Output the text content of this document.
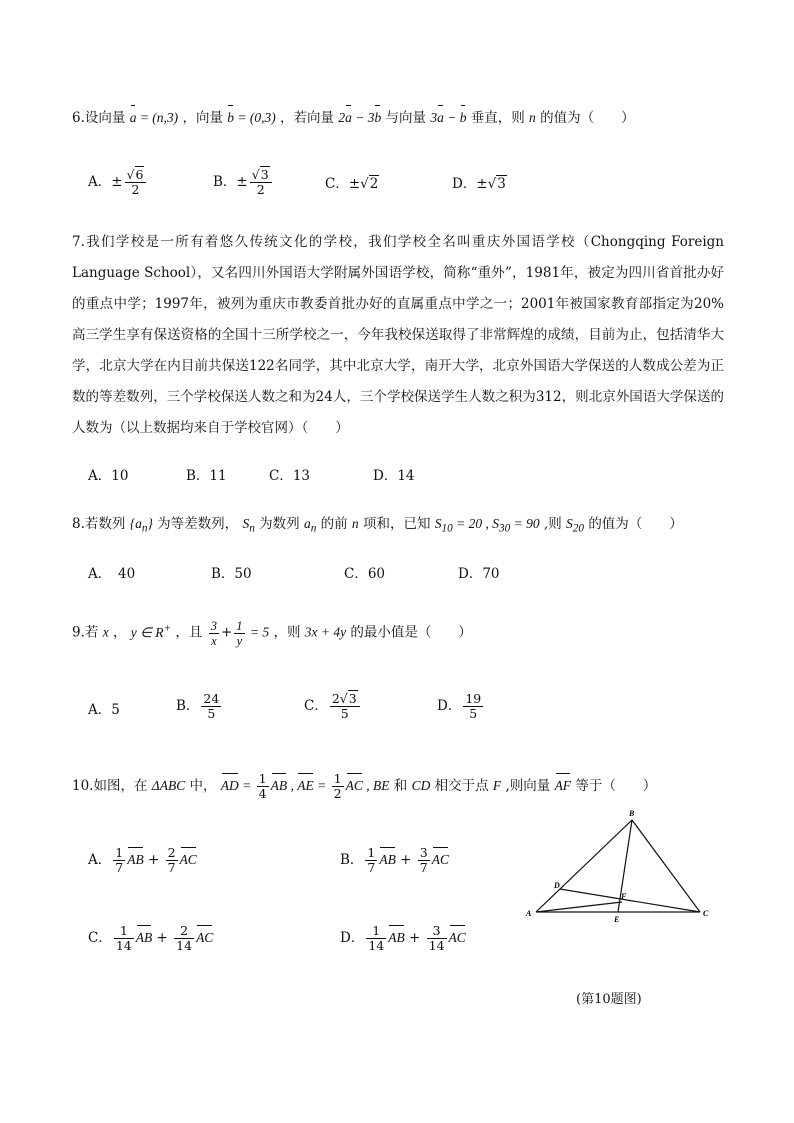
6.设向量 a = (n,3) ，向量 b = (0,3) ，若向量 2a − 3b 与向量 3a − b 垂直，则 n 的值为（　　）
A．± $\frac{√6}{2}$	B．± $\frac{√3}{2}$	C．±√2	D．±√3
7.我们学校是一所有着悠久传统文化的学校，我们学校全名叫重庆外国语学校（Chongqing Foreign Language School），又名四川外国语大学附属外国语学校，简称“重外”，1981年，被定为四川省首批办好的重点中学；1997年，被列为重庆市教委首批办好的直属重点中学之一；2001年被国家教育部指定为20%高三学生享有保送资格的全国十三所学校之一，今年我校保送取得了非常辉煌的成绩，目前为止，包括清华大学，北京大学在内目前共保送122名同学，其中北京大学，南开大学，北京外国语大学保送的人数成公差为正数的等差数列，三个学校保送人数之和为24人，三个学校保送学生人数之积为312，则北京外国语大学保送的人数为（以上数据均来自于学校官网）（　　）
A．10	B．11	C．13	D．14
8.若数列 $\{a_n\}$ 为等差数列， $S_n$ 为数列 $a_n$ 的前 n 项和，已知 $S_{10} = 20$ , $S_{30} = 90$ ,则 $S_{20}$ 的值为（　　）
A．　40	B．50	C．60	D．70
9.若 x ， y ∈ R+ ，且 $\frac{3}{x} + \frac{1}{y} = 5$ ，则 3x + 4y 的最小值是（　　）
A．5	B． $\frac{24}{5}$	C． $\frac{2√3}{5}$	D． $\frac{19}{5}$
10.如图，在 ΔABC 中， AD = $\frac{1}{4}$ AB , AE = $\frac{1}{2}$ AC , BE 和 CD 相交于点 F ,则向量 AF 等于（　　）
A． $\frac{1}{7}$ AB + $\frac{2}{7}$ AC	B． $\frac{1}{7}$ AB + $\frac{3}{7}$ AC
C． $\frac{1}{14}$ AB + $\frac{2}{14}$ AC	D． $\frac{1}{14}$ AB + $\frac{3}{14}$ AC
A
B
C
D
E
F
(第10题图)
